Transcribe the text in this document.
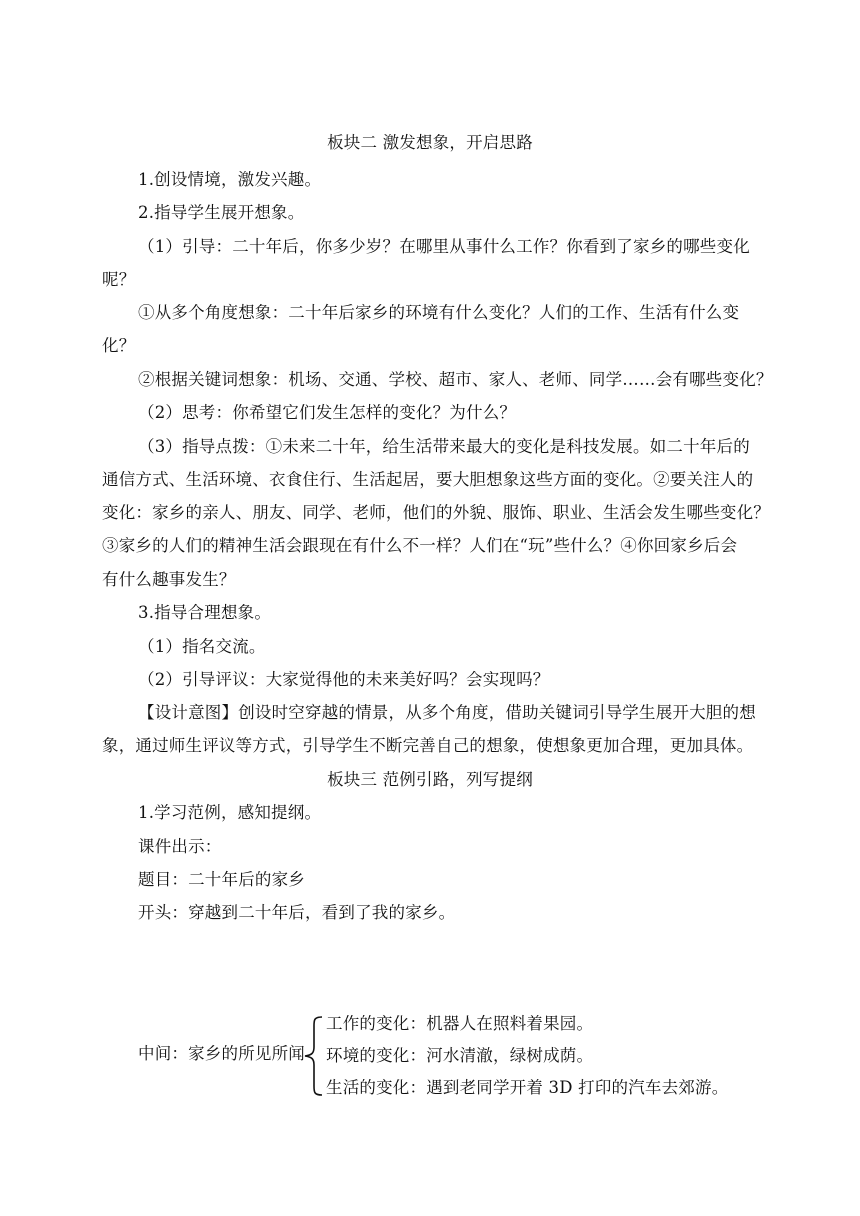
板块二 激发想象，开启思路
1.创设情境，激发兴趣。
2.指导学生展开想象。
（1）引导：二十年后，你多少岁？在哪里从事什么工作？你看到了家乡的哪些变化
呢？
①从多个角度想象：二十年后家乡的环境有什么变化？人们的工作、生活有什么变
化？
②根据关键词想象：机场、交通、学校、超市、家人、老师、同学……会有哪些变化？
（2）思考：你希望它们发生怎样的变化？为什么？
（3）指导点拨：①未来二十年，给生活带来最大的变化是科技发展。如二十年后的
通信方式、生活环境、衣食住行、生活起居，要大胆想象这些方面的变化。②要关注人的
变化：家乡的亲人、朋友、同学、老师，他们的外貌、服饰、职业、生活会发生哪些变化？
③家乡的人们的精神生活会跟现在有什么不一样？人们在“玩”些什么？④你回家乡后会
有什么趣事发生？
3.指导合理想象。
（1）指名交流。
（2）引导评议：大家觉得他的未来美好吗？会实现吗？
【设计意图】创设时空穿越的情景，从多个角度，借助关键词引导学生展开大胆的想
象，通过师生评议等方式，引导学生不断完善自己的想象，使想象更加合理，更加具体。
板块三 范例引路，列写提纲
1.学习范例，感知提纲。
课件出示：
题目：二十年后的家乡
开头：穿越到二十年后，看到了我的家乡。
中间：家乡的所见所闻
工作的变化：机器人在照料着果园。
环境的变化：河水清澈，绿树成荫。
生活的变化：遇到老同学开着 3D 打印的汽车去郊游。
